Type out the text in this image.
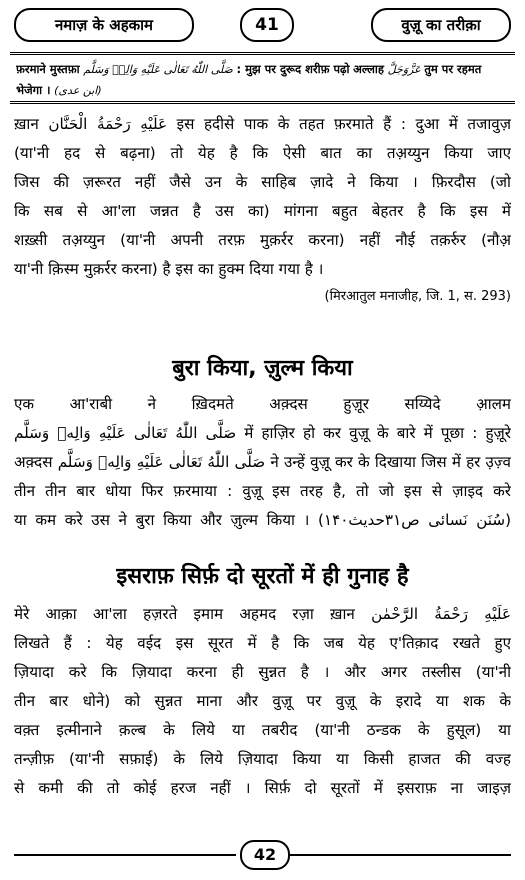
नमाज़ के अहकाम	41	वुज़ू का तरीक़ा
फ़रमाने मुस्तफ़ा صَلَّى اللّٰهُ تَعَالٰى عَلَيْهِ وَالِهٖ وَسَلَّم : मुझ पर दुरूद शरीफ़ पढ़ो अल्लाह عَزَّوَجَلَّ तुम पर रहमत
भेजेगा । (ابن عدی)
ख़ान عَلَيْهِ رَحْمَةُ الْحَنَّان इस हदीसे पाक के तहत फ़रमाते हैं : दुआ में तजावुज़
(या'नी हद से बढ़ना) तो येह है कि ऐसी बात का तअ़य्युन किया जाए
जिस की ज़रूरत नहीं जैसे उन के साहिब ज़ादे ने किया । फ़िरदौस (जो
कि सब से आ'ला जन्नत है उस का) मांगना बहुत बेहतर है कि इस में
शख़्सी तअ़य्युन (या'नी अपनी तरफ़ मुक़र्रर करना) नहीं नौई तक़र्रुर (नौअ़
या'नी क़िस्म मुक़र्रर करना) है इस का हुक्म दिया गया है ।
(मिरआतुल मनाजीह, जि. 1, स. 293)
बुरा किया, ज़ुल्म किया
एक आ'राबी ने ख़िदमते अक़्दस हुज़ूर सय्यिदे आ़लम
صَلَّى اللّٰهُ تَعَالٰى عَلَيْهِ وَالِهٖ وَسَلَّم में हाज़िर हो कर वुज़ू के बारे में पूछा : हुज़ूरे
अक़्दस صَلَّى اللّٰهُ تَعَالٰى عَلَيْهِ وَالِهٖ وَسَلَّم ने उन्हें वुज़ू कर के दिखाया जिस में हर उ़ज़्व
तीन तीन बार धोया फिर फ़रमाया : वुज़ू इस तरह है, तो जो इस से ज़ाइद करे
या कम करे उस ने बुरा किया और ज़ुल्म किया । (سُنَن نَسائی ص۳۱حدیث۱۴۰)
इसराफ़ सिर्फ़ दो सूरतों में ही गुनाह है
मेरे आक़ा आ'ला हज़रते इमाम अहमद रज़ा ख़ान عَلَيْهِ رَحْمَةُ الرَّحْمٰن
लिखते हैं : येह वईद इस सूरत में है कि जब येह ए'तिक़ाद रखते हुए
ज़ियादा करे कि ज़ियादा करना ही सुन्नत है । और अगर तस्लीस (या'नी
तीन बार धोने) को सुन्नत माना और वुज़ू पर वुज़ू के इरादे या शक के
वक़्त इत्मीनाने क़ल्ब के लिये या तबरीद (या'नी ठन्डक के हुसूल) या
तन्ज़ीफ़ (या'नी सफ़ाई) के लिये ज़ियादा किया या किसी हाजत की वज्ह
से कमी की तो कोई हरज नहीं । सिर्फ़ दो सूरतों में इसराफ़ ना जाइज़
42
